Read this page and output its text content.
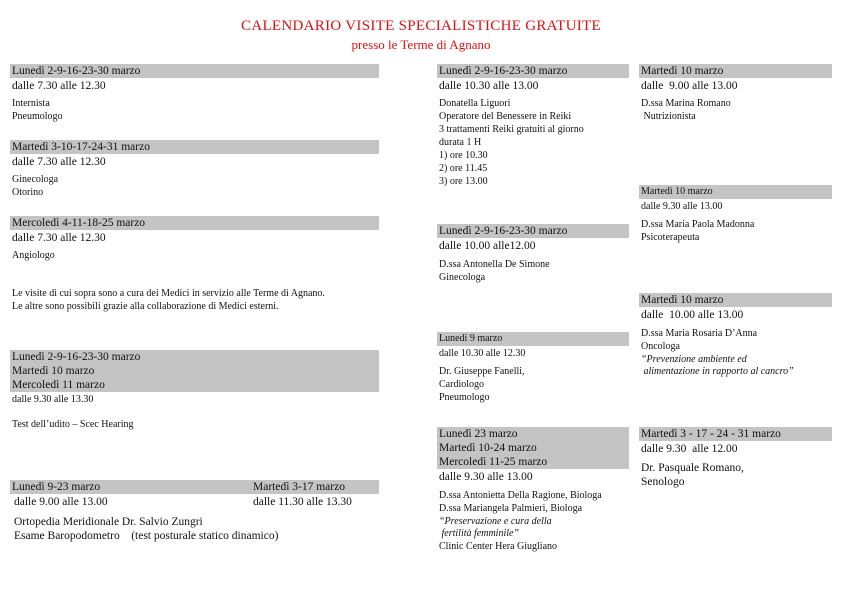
CALENDARIO VISITE SPECIALISTICHE GRATUITE
presso le Terme di Agnano
Lunedì 2-9-16-23-30 marzo
dalle 7.30 alle 12.30
Internista
Pneumologo
Martedì 3-10-17-24-31 marzo
dalle 7.30 alle 12.30
Ginecologa
Otorino
Mercoledì 4-11-18-25 marzo
dalle 7.30 alle 12.30
Angiologo
Le visite di cui sopra sono a cura dei Medici in servizio alle Terme di Agnano.
Le altre sono possibili grazie alla collaborazione di Medici esterni.
Lunedì 2-9-16-23-30 marzo
Martedì 10 marzo
Mercoledì 11 marzo
dalle 9.30 alle 13.30
Test dell’udito – Scec Hearing
Lunedì 9-23 marzo	Martedì 3-17 marzo
dalle 9.00 alle 13.00	dalle 11.30 alle 13.30
Ortopedia Meridionale Dr. Salvio Zungri
Esame Baropodometro    (test posturale statico dinamico)
Lunedì 2-9-16-23-30 marzo
dalle 10.30 alle 13.00
Donatella Liguori
Operatore del Benessere in Reiki
3 trattamenti Reiki gratuiti al giorno
durata 1 H
1) ore 10.30
2) ore 11.45
3) ore 13.00
Lunedì 2-9-16-23-30 marzo
dalle 10.00 alle12.00
D.ssa Antonella De Simone
Ginecologa
Lunedì 9 marzo
dalle 10.30 alle 12.30
Dr. Giuseppe Fanelli,
Cardiologo
Pneumologo
Lunedì 23 marzo
Martedì 10-24 marzo
Mercoledì 11-25 marzo
dalle 9.30 alle 13.00
D.ssa Antonietta Della Ragione, Biologa
D.ssa Mariangela Palmieri, Biologa
“Preservazione e cura della
fertilità femminile”
Clinic Center Hera Giugliano
Martedì 10 marzo
dalle  9.00 alle 13.00
D.ssa Marina Romano
Nutrizionista
Martedì 10 marzo
dalle 9.30 alle 13.00
D.ssa Maria Paola Madonna
Psicoterapeuta
Martedì 10 marzo
dalle  10.00 alle 13.00
D.ssa Maria Rosaria D’Anna
Oncologa
“Prevenzione ambiente ed
alimentazione in rapporto al cancro”
Martedì 3 - 17 - 24 - 31 marzo
dalle 9.30  alle 12.00
Dr. Pasquale Romano,
Senologo
